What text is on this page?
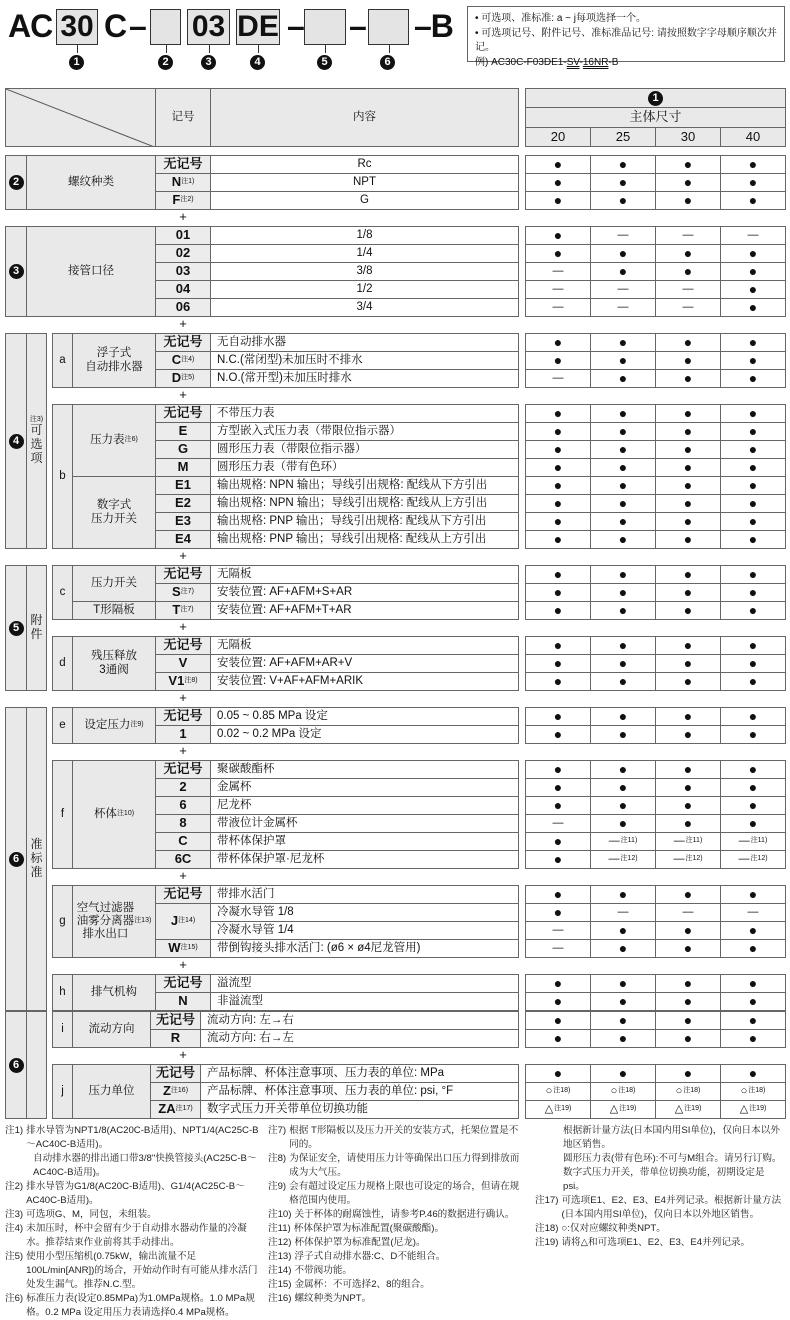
AC 30 C – 03 DE – – –B
1	2	3	4	5	6
• 可选项、准标准: a ~ j每项选择一个。
• 可选项记号、附件记号、准标准品记号: 请按照数字字母顺序顺次并记。
例) AC30C-F03DE1-SV-16NR-B
记号	内容
1
主体尺寸
20	25	30	40
2	螺纹种类
无记号	Rc	●	●	●	●
N 注1)	NPT	●	●	●	●
F 注2)	G	●	●	●	●
+
3	接管口径
01	1/8	●	—	—	—
02	1/4	●	●	●	●
03	3/8	—	●	●	●
04	1/2	—	—	—	●
06	3/4	—	—	—	●
+
浮子式
自动排水器
无记号	无自动排水器	●	●	●	●
C 注4)	N.C.(常闭型)未加压时不排水	●	●	●	●
D 注5)	N.O.(常开型)未加压时排水	—	●	●	●
a
+
压力表 注6)
无记号	不带压力表	●	●	●	●
E	方型嵌入式压力表（带限位指示器）	●	●	●	●
G	圆形压力表（带限位指示器）	●	●	●	●
M	圆形压力表（带有色环）	●	●	●	●
数字式
压力开关
E1	输出规格: NPN 输出；导线引出规格: 配线从下方引出	●	●	●	●
E2	输出规格: NPN 输出；导线引出规格: 配线从上方引出	●	●	●	●
E3	输出规格: PNP 输出；导线引出规格: 配线从下方引出	●	●	●	●
E4	输出规格: PNP 输出；导线引出规格: 配线从上方引出	●	●	●	●
b
+
4
注3)
可
选
项
压力开关
无记号	无隔板	●	●	●	●
S 注7)	安装位置: AF+AFM+S+AR	●	●	●	●
T形隔板	T 注7)	安装位置: AF+AFM+T+AR	●	●	●	●
c
+
残压释放
3通阀
无记号	无隔板	●	●	●	●
V	安装位置: AF+AFM+AR+V	●	●	●	●
V1 注8)	安装位置: V+AF+AFM+ARIK	●	●	●	●
d
+
5
附
件
设定压力 注9)
无记号	0.05 ~ 0.85 MPa 设定	●	●	●	●
1	0.02 ~ 0.2 MPa 设定	●	●	●	●
e
+
杯体 注10)
无记号	聚碳酸酯杯	●	●	●	●
2	金属杯	●	●	●	●
6	尼龙杯	●	●	●	●
8	带液位计金属杯	—	●	●	●
C	带杯体保护罩	●	— 注11)	— 注11)	— 注11)
6C	带杯体保护罩·尼龙杯	●	— 注12)	— 注12)	— 注12)
f
+
空气过滤器
油雾分离器
排水出口
注13)
无记号	带排水活门	●	●	●	●
J 注14)
冷凝水导管 1/8	●	—	—	—
冷凝水导管 1/4	—	●	●	●
W 注15)	带倒钩接头排水活门: (ø6 × ø4尼龙管用)	—	●	●	●
g
+
排气机构
无记号	溢流型	●	●	●	●
N	非溢流型	●	●	●	●
h
6
准
标
准
流动方向
无记号	流动方向: 左→右	●	●	●	●
R	流动方向: 右→左	●	●	●	●
i
+
压力单位
无记号	产品标牌、杯体注意事项、压力表的单位: MPa	●	●	●	●
Z 注16)	产品标牌、杯体注意事项、压力表的单位: psi, °F	○ 注18)	○ 注18)	○ 注18)	○ 注18)
ZA 注17)	数字式压力开关带单位切换功能	△ 注19)	△ 注19)	△ 注19)	△ 注19)
j
6
注1) 排水导管为NPT1/8(AC20C-B适用)、NPT1/4(AC25C-B～AC40C-B适用)。
自动排水器的排出通口带3/8"快换管接头(AC25C-B～AC40C-B适用)。
注2) 排水导管为G1/8(AC20C-B适用)、G1/4(AC25C-B～AC40C-B适用)。
注3) 可选项G、M，同包，未组装。
注4) 未加压时，杯中会留有少于自动排水器动作量的冷凝水。推荐结束作业前将其手动排出。
注5) 使用小型压缩机(0.75kW，输出流量不足100L/min[ANR])的场合，开始动作时有可能从排水活门处发生漏气。推荐N.C.型。
注6) 标准压力表(设定0.85MPa)为1.0MPa规格。1.0 MPa规格。0.2 MPa 设定用压力表请选择0.4 MPa规格。
注7) 根据 T形隔板以及压力开关的安装方式，托架位置是不同的。
注8) 为保证安全，请使用压力计等确保出口压力得到排放而成为大气压。
注9) 会有超过设定压力规格上限也可设定的场合，但请在规格范围内使用。
注10) 关于杯体的耐腐蚀性，请参考P.46的数据进行确认。
注11) 杯体保护罩为标准配置(聚碳酸酯)。
注12) 杯体保护罩为标准配置(尼龙)。
注13) 浮子式自动排水器:C、D不能组合。
注14) 不带阀功能。
注15) 金属杯：不可选择2、8的组合。
注16) 螺纹种类为NPT。
根据新计量方法(日本国内用SI单位)，仅向日本以外地区销售。
圆形压力表(带有色环):不可与M组合。请另行订购。
数字式压力开关，带单位切换功能，初期设定是psi。
注17) 可选项E1、E2、E3、E4并列记录。根据新计量方法(日本国内用SI单位)，仅向日本以外地区销售。
注18) ○:仅对应螺纹种类NPT。
注19) 请将△和可选项E1、E2、E3、E4并列记录。
